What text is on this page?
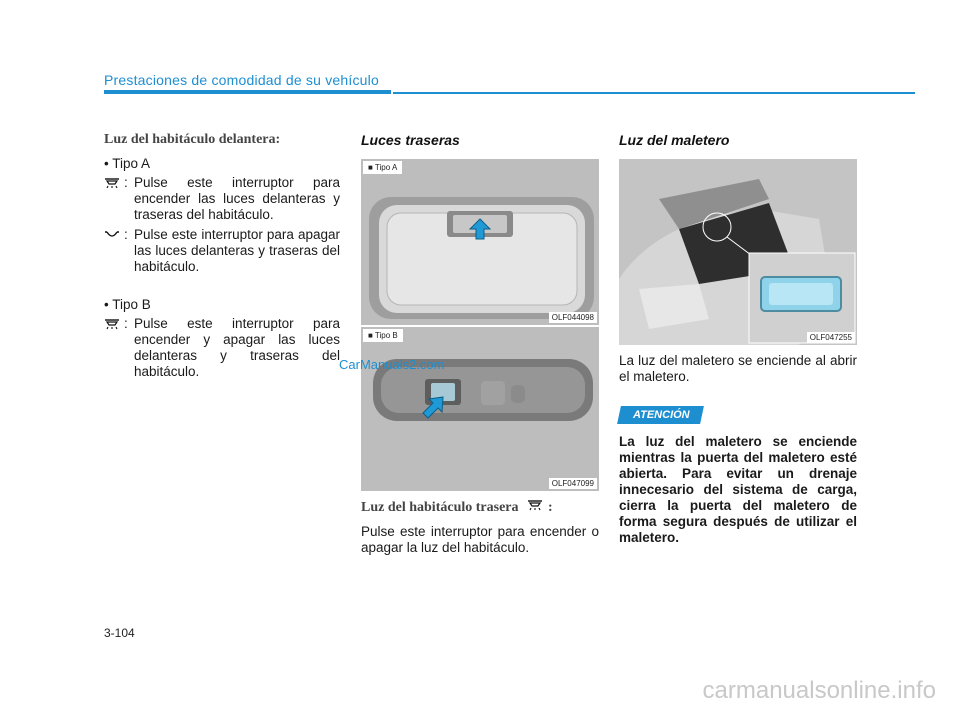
Prestaciones de comodidad de su vehículo
Luz del habitáculo delantera:
• Tipo A
: Pulse este interruptor para encender las luces delanteras y traseras del habitáculo.
: Pulse este interruptor para apagar las luces delanteras y traseras del habitáculo.
• Tipo B
: Pulse este interruptor para encender y apagar las luces delanteras y traseras del habitáculo.
Luces traseras
■ Tipo A
OLF044098
■ Tipo B
OLF047099
Luz del habitáculo trasera :
Pulse este interruptor para encender o apagar la luz del habitáculo.
Luz del maletero
OLF047255
La luz del maletero se enciende al abrir el maletero.
ATENCIÓN
La luz del maletero se enciende mientras la puerta del maletero esté abierta. Para evitar un drenaje innecesario del sistema de carga, cierra la puerta del maletero de forma segura después de utilizar el maletero.
CarManuals2.com
3-104
carmanualsonline.info
